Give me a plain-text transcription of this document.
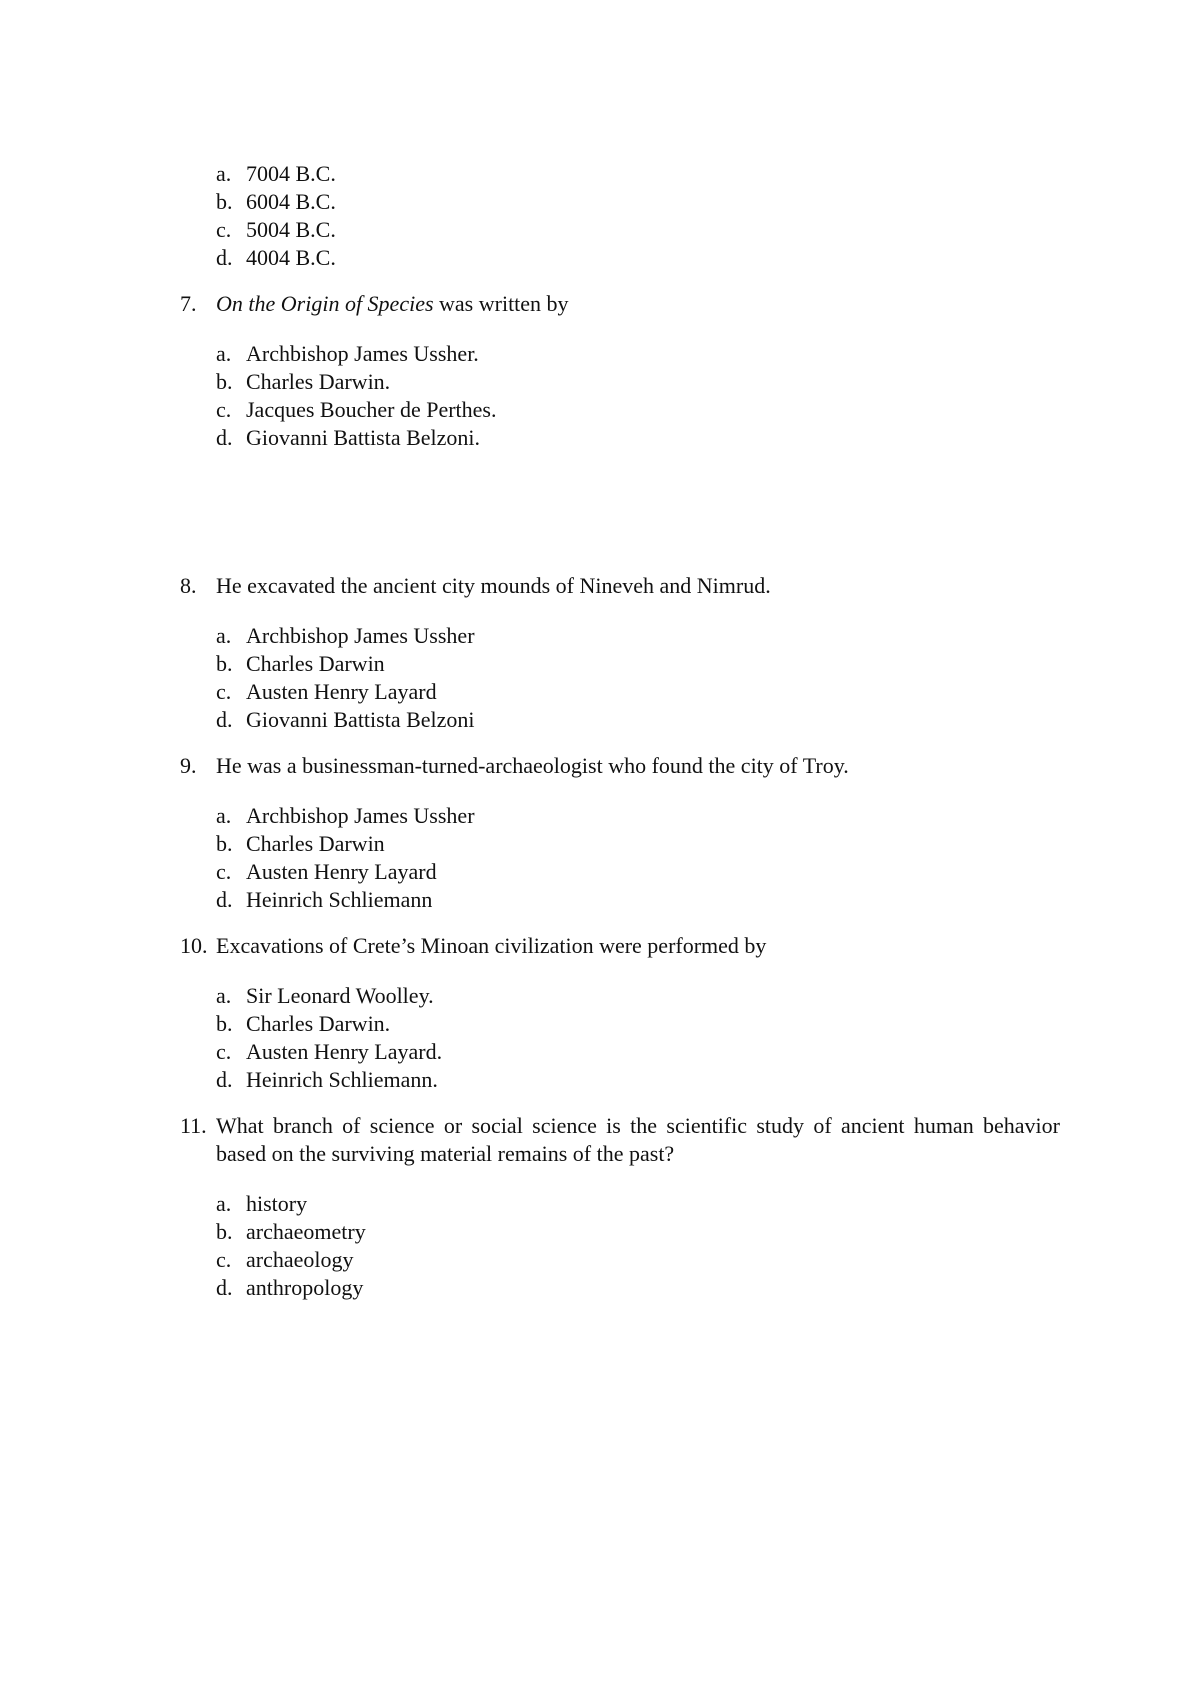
a. 7004 B.C.
b. 6004 B.C.
c. 5004 B.C.
d. 4004 B.C.
7. On the Origin of Species was written by
a. Archbishop James Ussher.
b. Charles Darwin.
c. Jacques Boucher de Perthes.
d. Giovanni Battista Belzoni.
8. He excavated the ancient city mounds of Nineveh and Nimrud.
a. Archbishop James Ussher
b. Charles Darwin
c. Austen Henry Layard
d. Giovanni Battista Belzoni
9. He was a businessman-turned-archaeologist who found the city of Troy.
a. Archbishop James Ussher
b. Charles Darwin
c. Austen Henry Layard
d. Heinrich Schliemann
10. Excavations of Crete’s Minoan civilization were performed by
a. Sir Leonard Woolley.
b. Charles Darwin.
c. Austen Henry Layard.
d. Heinrich Schliemann.
11. What branch of science or social science is the scientific study of ancient human behavior based on the surviving material remains of the past?
a. history
b. archaeometry
c. archaeology
d. anthropology
